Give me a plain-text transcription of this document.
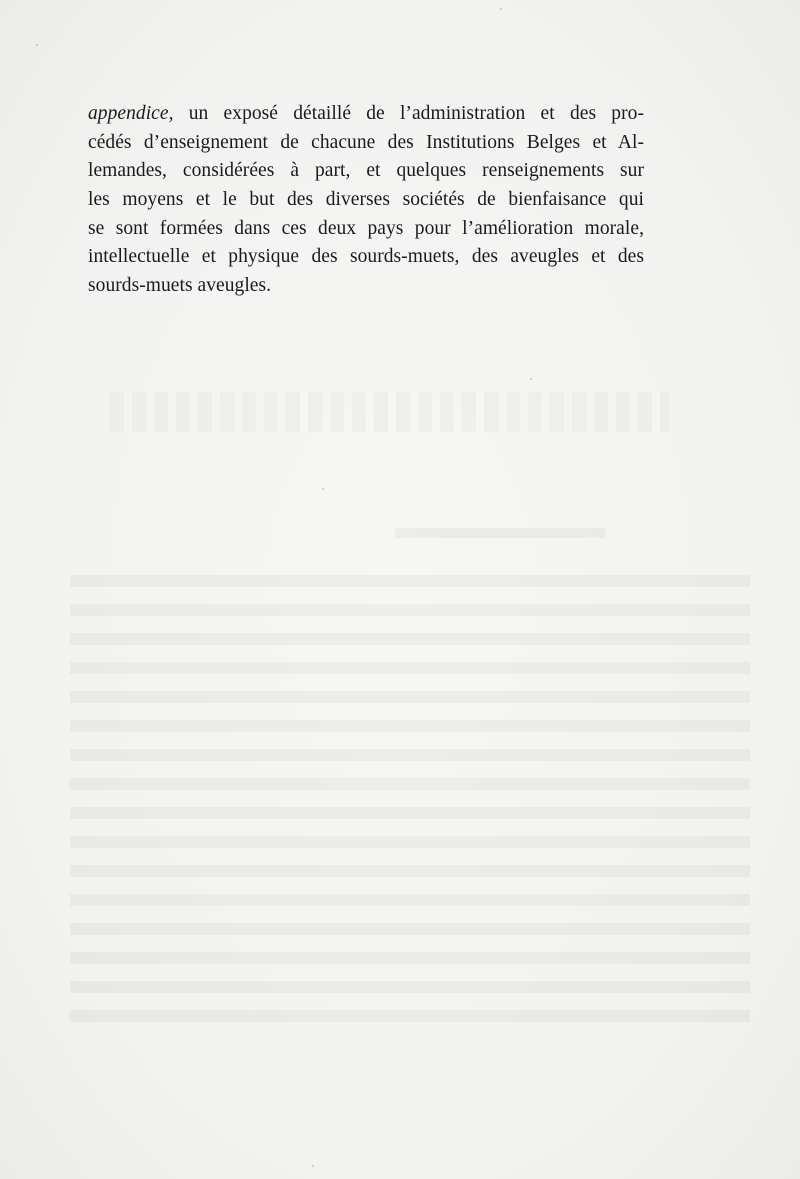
appendice, un exposé détaillé de l’administration et des pro-
cédés d’enseignement de chacune des Institutions Belges et Al-
lemandes, considérées à part, et quelques renseignements sur
les moyens et le but des diverses sociétés de bienfaisance qui
se sont formées dans ces deux pays pour l’amélioration morale,
intellectuelle et physique des sourds-muets, des aveugles et des
sourds-muets aveugles.
